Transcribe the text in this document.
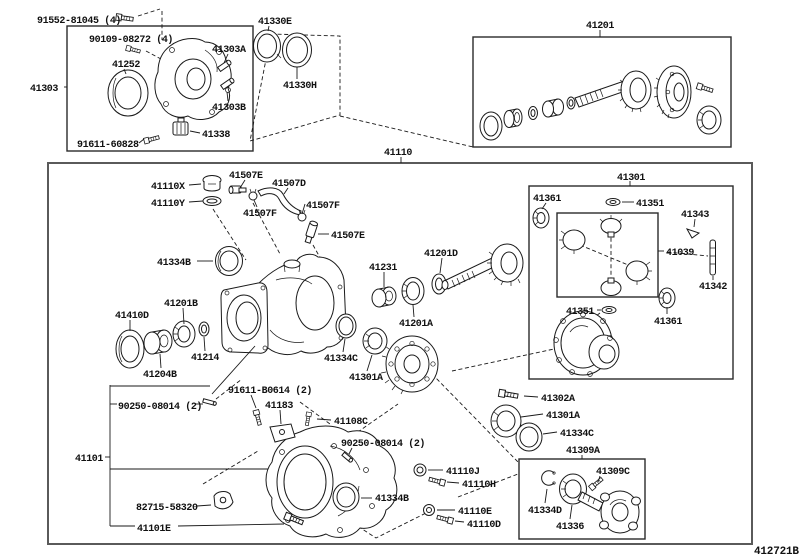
91552-81045 (4)
90109-08272 (4)
41252
41303A
41303
41303B
41338
91611-60828
41330E
41330H
41201
41110
41110X
41110Y
41507E
41507D
41507F
41507F
41507E
41334B
41201B
41410D
41204B
41214
41231
41201D
41201A
41334C
41301A
41301
41361	41351
41343
41039
41342
41351
41361
41302A
41301A
41334C
41309A
41309C
41334D
41336
41108C
90250-08014 (2)
41110J
41110H
41334B
41110E
41110D
91611-B0614 (2)
41183
90250-08014 (2)
41101
82715-58320
41101E
412721B
